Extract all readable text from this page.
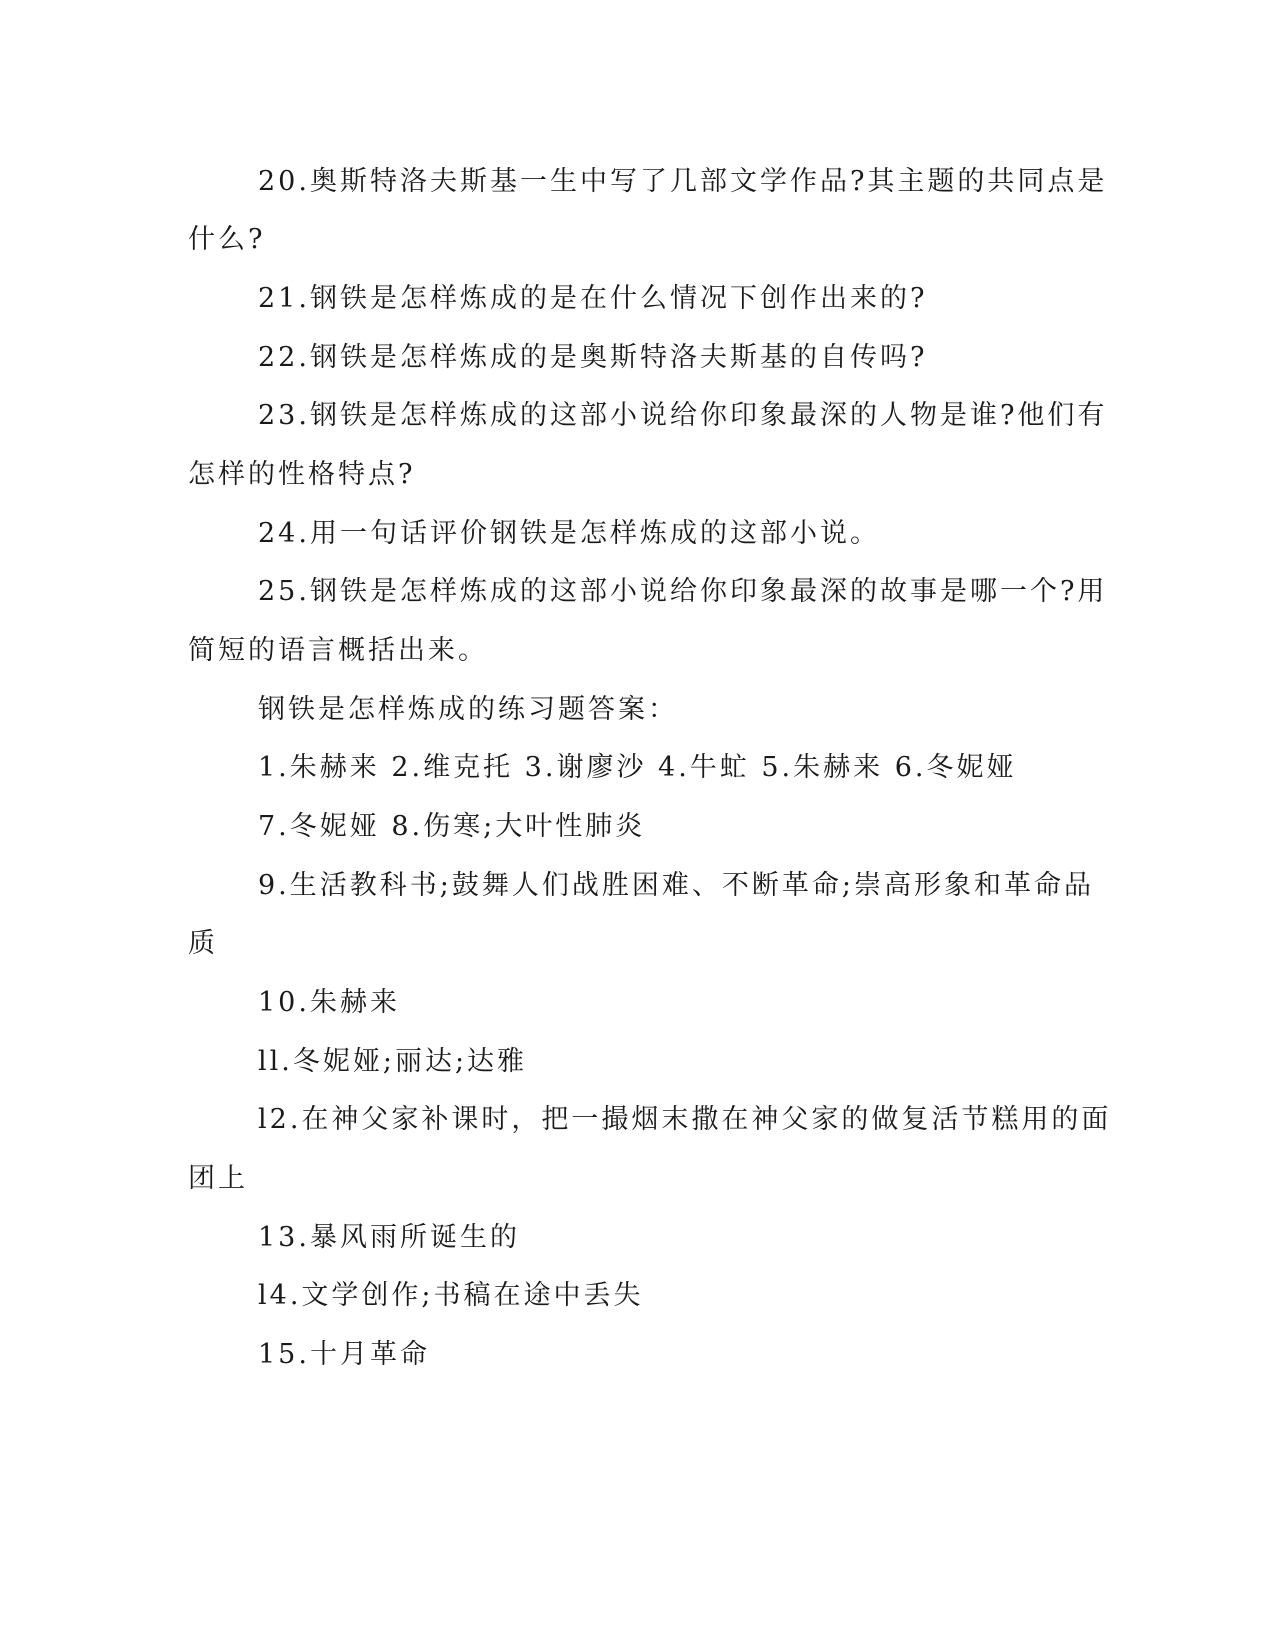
20.奥斯特洛夫斯基一生中写了几部文学作品?其主题的共同点是
什么?
21.钢铁是怎样炼成的是在什么情况下创作出来的?
22.钢铁是怎样炼成的是奥斯特洛夫斯基的自传吗?
23.钢铁是怎样炼成的这部小说给你印象最深的人物是谁?他们有
怎样的性格特点?
24.用一句话评价钢铁是怎样炼成的这部小说。
25.钢铁是怎样炼成的这部小说给你印象最深的故事是哪一个?用
简短的语言概括出来。
钢铁是怎样炼成的练习题答案：
1.朱赫来 2.维克托 3.谢廖沙 4.牛虻 5.朱赫来 6.冬妮娅
7.冬妮娅 8.伤寒;大叶性肺炎
9.生活教科书;鼓舞人们战胜困难、不断革命;崇高形象和革命品
质
10.朱赫来
ll.冬妮娅;丽达;达雅
l2.在神父家补课时，把一撮烟末撒在神父家的做复活节糕用的面
团上
13.暴风雨所诞生的
l4.文学创作;书稿在途中丢失
15.十月革命
